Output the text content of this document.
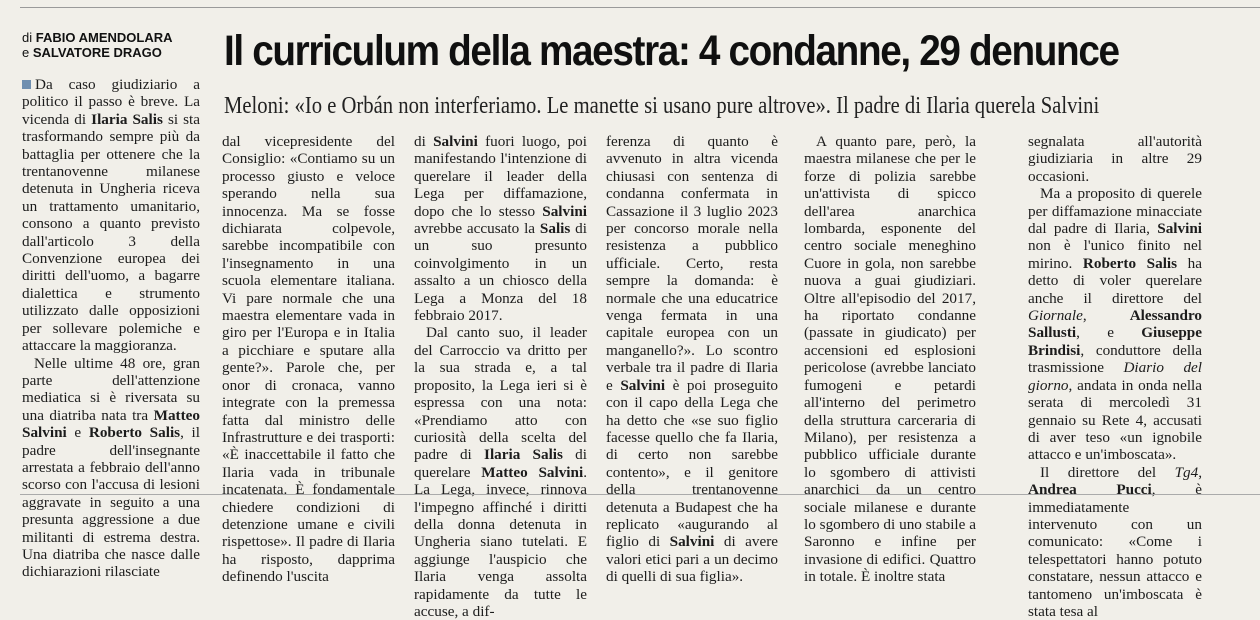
di FABIO AMENDOLARA
e SALVATORE DRAGO	Il curriculum della maestra: 4 condanne, 29 denunce
Meloni: «Io e Orbán non interferiamo. Le manette si usano pure altrove». Il padre di Ilaria querela Salvini

Da caso giudiziario a politico il passo è breve. La vicenda di Ilaria Salis si sta trasformando sempre più da battaglia per ottenere che la trentanovenne milanese detenuta in Ungheria riceva un trattamento umanitario, consono a quanto previsto dall'articolo 3 della Convenzione europea dei diritti dell'uomo, a bagarre dialettica e strumento utilizzato dalle opposizioni per sollevare polemiche e attaccare la maggioranza.

Nelle ultime 48 ore, gran parte dell'attenzione mediatica si è riversata su una diatriba nata tra Matteo Salvini e Roberto Salis, il padre dell'insegnante arrestata a febbraio dell'anno scorso con l'accusa di lesioni aggravate in seguito a una presunta aggressione a due militanti di estrema destra. Una diatriba che nasce dalle dichiarazioni rilasciate

dal vicepresidente del Consiglio: «Contiamo su un processo giusto e veloce sperando nella sua innocenza. Ma se fosse dichiarata colpevole, sarebbe incompatibile con l'insegnamento in una scuola elementare italiana. Vi pare normale che una maestra elementare vada in giro per l'Europa e in Italia a picchiare e sputare alla gente?». Parole che, per onor di cronaca, vanno integrate con la premessa fatta dal ministro delle Infrastrutture e dei trasporti: «È inaccettabile il fatto che Ilaria vada in tribunale incatenata. È fondamentale chiedere condizioni di detenzione umane e civili rispettose». Il padre di Ilaria ha risposto, dapprima definendo l'uscita

di Salvini fuori luogo, poi manifestando l'intenzione di querelare il leader della Lega per diffamazione, dopo che lo stesso Salvini avrebbe accusato la Salis di un suo presunto coinvolgimento in un assalto a un chiosco della Lega a Monza del 18 febbraio 2017.

Dal canto suo, il leader del Carroccio va dritto per la sua strada e, a tal proposito, la Lega ieri si è espressa con una nota: «Prendiamo atto con curiosità della scelta del padre di Ilaria Salis di querelare Matteo Salvini. La Lega, invece, rinnova l'impegno affinché i diritti della donna detenuta in Ungheria siano tutelati. E aggiunge l'auspicio che Ilaria venga assolta rapidamente da tutte le accuse, a dif-

ferenza di quanto è avvenuto in altra vicenda chiusasi con sentenza di condanna confermata in Cassazione il 3 luglio 2023 per concorso morale nella resistenza a pubblico ufficiale. Certo, resta sempre la domanda: è normale che una educatrice venga fermata in una capitale europea con un manganello?». Lo scontro verbale tra il padre di Ilaria e Salvini è poi proseguito con il capo della Lega che ha detto che «se suo figlio facesse quello che fa Ilaria, di certo non sarebbe contento», e il genitore della trentanovenne detenuta a Budapest che ha replicato «augurando al figlio di Salvini di avere valori etici pari a un decimo di quelli di sua figlia».

A quanto pare, però, la maestra milanese che per le forze di polizia sarebbe un'attivista di spicco dell'area anarchica lombarda, esponente del centro sociale meneghino Cuore in gola, non sarebbe nuova a guai giudiziari. Oltre all'episodio del 2017, ha riportato condanne (passate in giudicato) per accensioni ed esplosioni pericolose (avrebbe lanciato fumogeni e petardi all'interno del perimetro della struttura carceraria di Milano), per resistenza a pubblico ufficiale durante lo sgombero di attivisti anarchici da un centro sociale milanese e durante lo sgombero di uno stabile a Saronno e infine per invasione di edifici. Quattro in totale. È inoltre stata

segnalata all'autorità giudiziaria in altre 29 occasioni.

Ma a proposito di querele per diffamazione minacciate dal padre di Ilaria, Salvini non è l'unico finito nel mirino. Roberto Salis ha detto di voler querelare anche il direttore del Giornale, Alessandro Sallusti, e Giuseppe Brindisi, conduttore della trasmissione Diario del giorno, andata in onda nella serata di mercoledì 31 gennaio su Rete 4, accusati di aver teso «un ignobile attacco e un'imboscata».

Il direttore del Tg4, Andrea Pucci, è immediatamente intervenuto con un comunicato: «Come i telespettatori hanno potuto constatare, nessun attacco e tantomeno un'imboscata è stata tesa al
